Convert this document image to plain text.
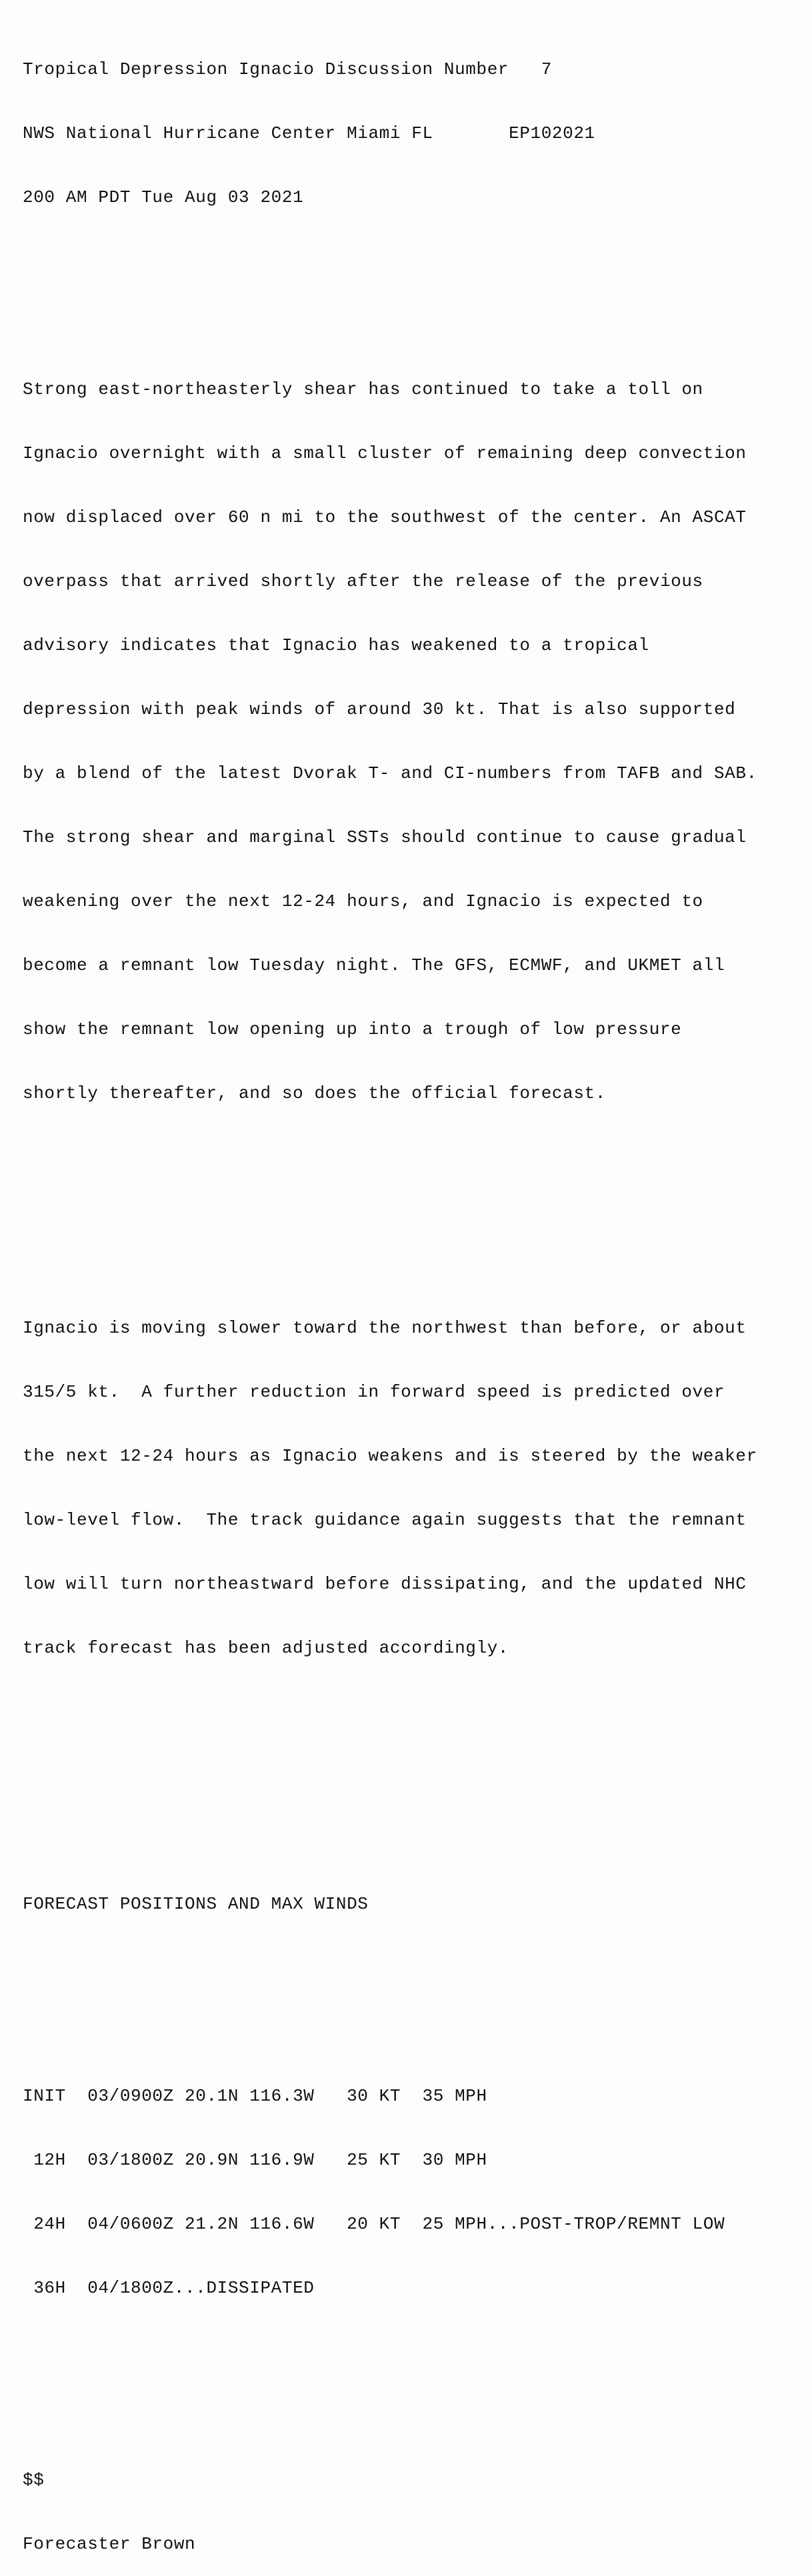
Tropical Depression Ignacio Discussion Number   7

NWS National Hurricane Center Miami FL       EP102021

200 AM PDT Tue Aug 03 2021

Strong east-northeasterly shear has continued to take a toll on

Ignacio overnight with a small cluster of remaining deep convection

now displaced over 60 n mi to the southwest of the center. An ASCAT

overpass that arrived shortly after the release of the previous

advisory indicates that Ignacio has weakened to a tropical

depression with peak winds of around 30 kt. That is also supported

by a blend of the latest Dvorak T- and CI-numbers from TAFB and SAB.

The strong shear and marginal SSTs should continue to cause gradual

weakening over the next 12-24 hours, and Ignacio is expected to

become a remnant low Tuesday night. The GFS, ECMWF, and UKMET all

show the remnant low opening up into a trough of low pressure

shortly thereafter, and so does the official forecast.

Ignacio is moving slower toward the northwest than before, or about

315/5 kt.  A further reduction in forward speed is predicted over

the next 12-24 hours as Ignacio weakens and is steered by the weaker

low-level flow.  The track guidance again suggests that the remnant

low will turn northeastward before dissipating, and the updated NHC

track forecast has been adjusted accordingly.

FORECAST POSITIONS AND MAX WINDS

INIT  03/0900Z 20.1N 116.3W   30 KT  35 MPH

12H  03/1800Z 20.9N 116.9W   25 KT  30 MPH

24H  04/0600Z 21.2N 116.6W   20 KT  25 MPH...POST-TROP/REMNT LOW

36H  04/1800Z...DISSIPATED

$$

Forecaster Brown
